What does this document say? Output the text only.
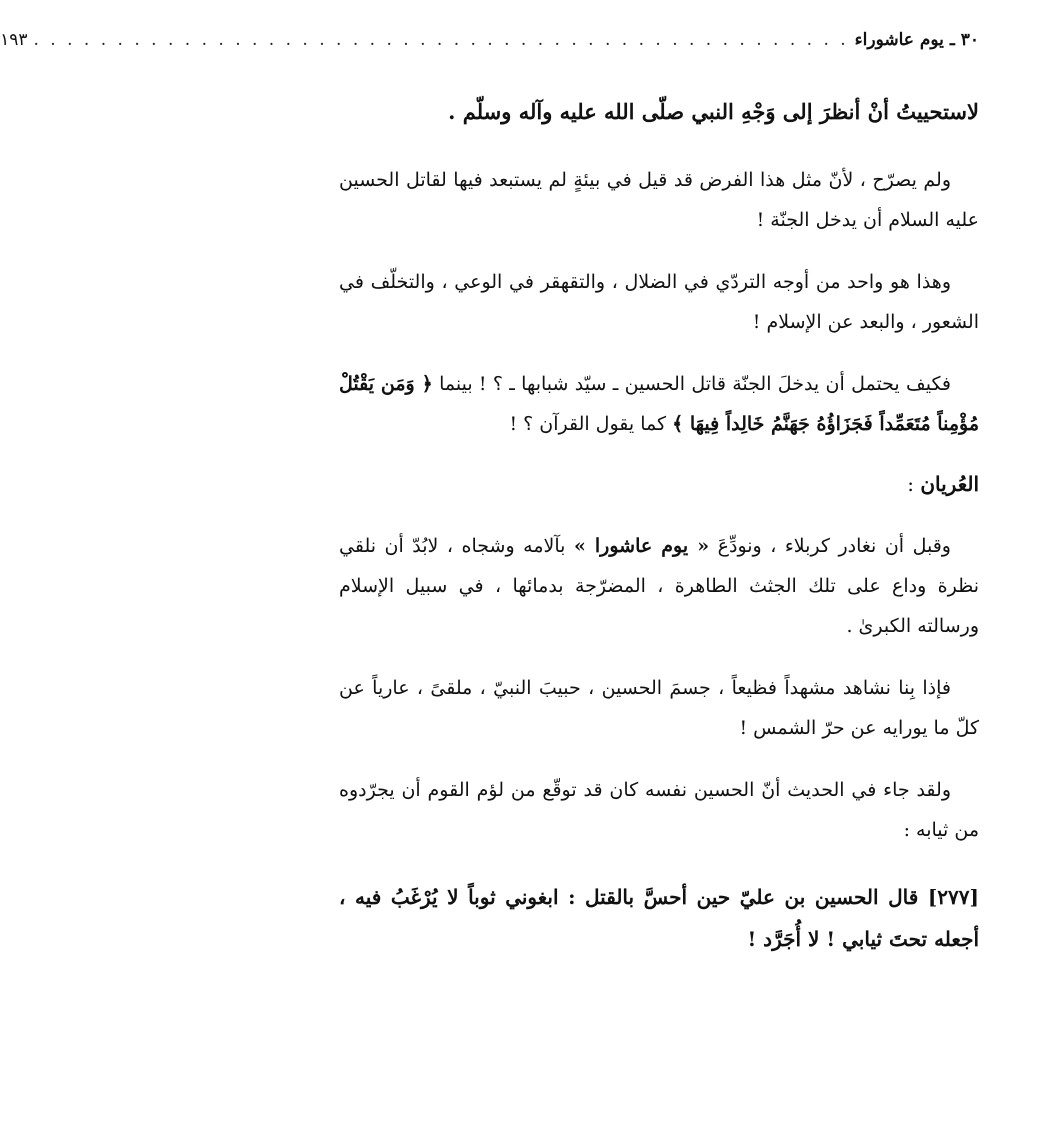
٣٠ ـ يوم عاشوراء
. . . . . . . . . . . . . . . . . . . . . . . . . . . . . . . . . . . . . . . . . . . . . . . . .
١٩٣

لاستحييتُ أنْ أنظرَ إلى وَجْهِ النبي صلّى الله عليه وآله وسلّم .

ولم يصرّح ، لأنّ مثل هذا الفرض قد قيل في بيئةٍ لم يستبعد فيها لقاتل الحسين عليه السلام أن يدخل الجنّة !

وهذا هو واحد من أوجه التردّي في الضلال ، والتقهقر في الوعي ، والتخلّف في الشعور ، والبعد عن الإسلام !

فكيف يحتمل أن يدخلَ الجنّة قاتل الحسين ـ سيّد شبابها ـ ؟ ! بينما ﴿ وَمَن يَقْتُلْ مُؤْمِناً مُتَعَمِّداً فَجَزَاؤُهُ جَهَنَّمُ خَالِداً فِيهَا ﴾ كما يقول القرآن ؟ !

العُريان :

وقبل أن نغادر كربلاء ، ونودِّعَ « يوم عاشورا » بآلامه وشجاه ، لابُدّ أن نلقي نظرة وداع على تلك الجثث الطاهرة ، المضرّجة بدمائها ، في سبيل الإسلام ورسالته الكبرىٰ .

فإذا بِنا نشاهد مشهداً فظيعاً ، جسمَ الحسين ، حبيبَ النبيّ ، ملقىً ، عارياً عن كلّ ما يورايه عن حرّ الشمس !

ولقد جاء في الحديث أنّ الحسين نفسه كان قد توقّع من لؤم القوم أن يجرّدوه من ثيابه :

[٢٧٧] قال الحسين بن عليّ حين أحسَّ بالقتل : ابغوني ثوباً لا يُرْغَبُ فيه ، أجعله تحتَ ثيابي ! لا أُجَرَّد !
